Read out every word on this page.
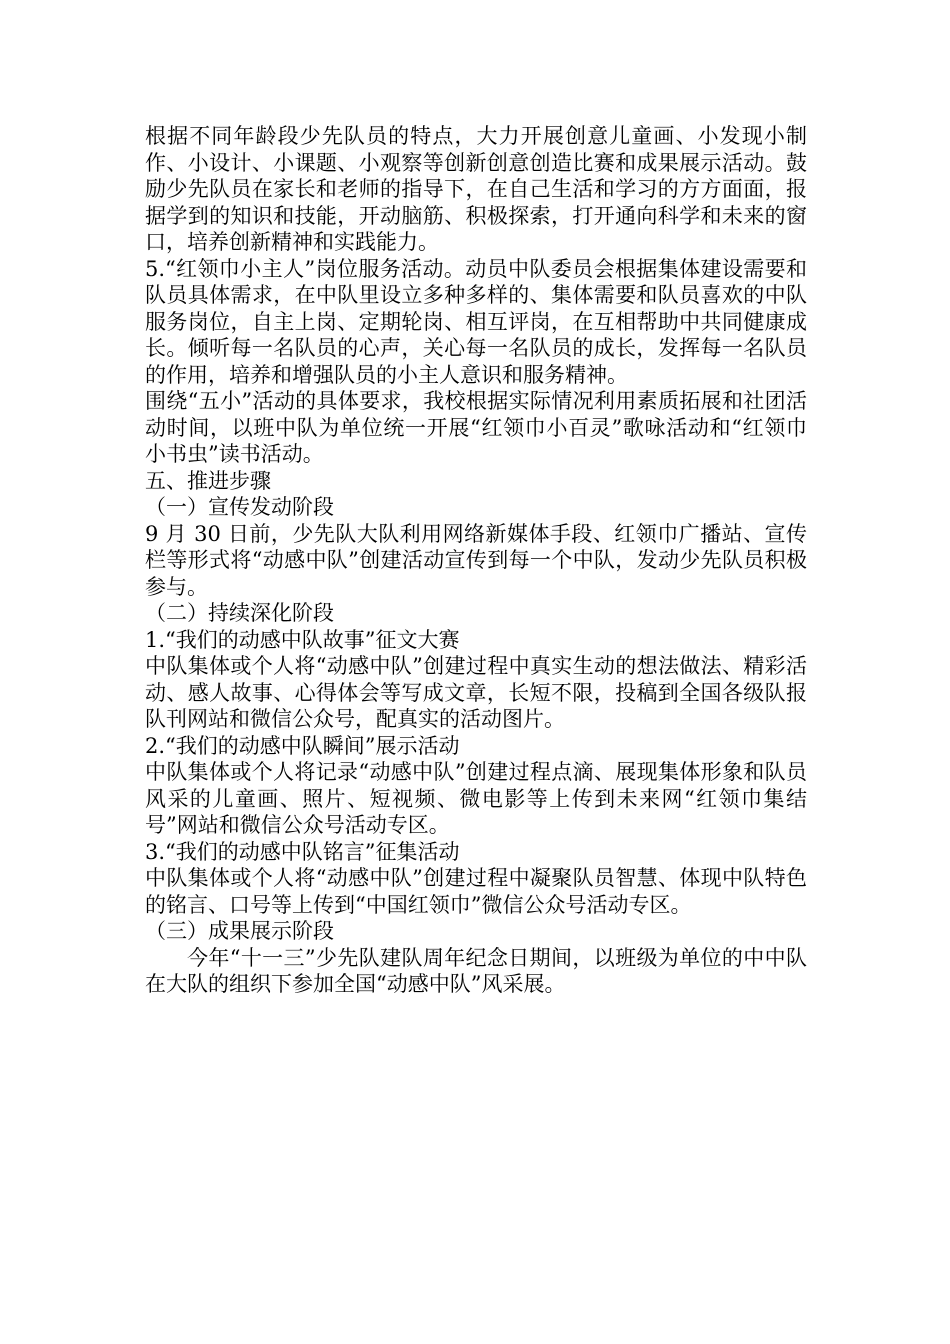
根据不同年龄段少先队员的特点，大力开展创意儿童画、小发现小制作、小设计、小课题、小观察等创新创意创造比赛和成果展示活动。鼓励少先队员在家长和老师的指导下，在自己生活和学习的方方面面，报据学到的知识和技能，开动脑筋、积极探索，打开通向科学和未来的窗口，培养创新精神和实践能力。

5.“红领巾小主人”岗位服务活动。动员中队委员会根据集体建设需要和队员具体需求，在中队里设立多种多样的、集体需要和队员喜欢的中队服务岗位，自主上岗、定期轮岗、相互评岗，在互相帮助中共同健康成长。倾听每一名队员的心声，关心每一名队员的成长，发挥每一名队员的作用，培养和增强队员的小主人意识和服务精神。

围绕“五小”活动的具体要求，我校根据实际情况利用素质拓展和社团活动时间，以班中队为单位统一开展“红领巾小百灵”歌咏活动和“红领巾小书虫”读书活动。

五、推进步骤

（一）宣传发动阶段

9 月 30 日前，少先队大队利用网络新媒体手段、红领巾广播站、宣传栏等形式将“动感中队”创建活动宣传到每一个中队，发动少先队员积极参与。

（二）持续深化阶段

1.“我们的动感中队故事”征文大赛

中队集体或个人将“动感中队”创建过程中真实生动的想法做法、精彩活动、感人故事、心得体会等写成文章，长短不限，投稿到全国各级队报队刊网站和微信公众号，配真实的活动图片。

2.“我们的动感中队瞬间”展示活动

中队集体或个人将记录“动感中队”创建过程点滴、展现集体形象和队员风采的儿童画、照片、短视频、微电影等上传到未来网“红领巾集结号”网站和微信公众号活动专区。

3.“我们的动感中队铭言”征集活动

中队集体或个人将“动感中队”创建过程中凝聚队员智慧、体现中队特色的铭言、口号等上传到“中国红领巾”微信公众号活动专区。

（三）成果展示阶段

今年“十一三”少先队建队周年纪念日期间，以班级为单位的中中队在大队的组织下参加全国“动感中队”风采展。
